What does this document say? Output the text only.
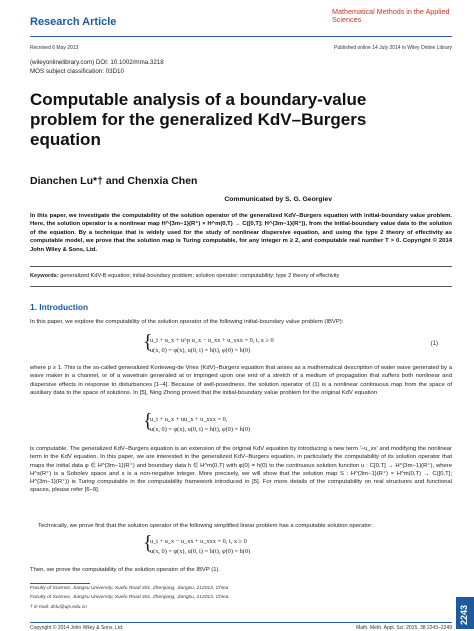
Research Article
Mathematical Methods in the Applied Sciences
Received 6 May 2013	Published online 14 July 2014 in Wiley Online Library
(wileyonlinelibrary.com) DOI: 10.1002/mma.3218
MOS subject classification: 03D10
Computable analysis of a boundary-value problem for the generalized KdV–Burgers equation
Dianchen Lu*† and Chenxia Chen
Communicated by S. G. Georgiev
In this paper, we investigate the computability of the solution operator of the generalized KdV–Burgers equation with initial-boundary value problem. Here, the solution operator is a nonlinear map H^{3m−1}(R⁺) × H^m(0,T) → C([0,T]; H^{3m−1}(R⁺)), from the initial-boundary value data to the solution of the equation. By a technique that is widely used for the study of nonlinear dispersive equation, and using the type 2 theory of effectivity as computable model, we prove that the solution map is Turing computable, for any integer m ≥ 2, and computable real number T > 0. Copyright © 2014 John Wiley & Sons, Ltd.
Keywords: generalized KdV-B equation; initial-boundary problem; solution operator; computability; type 2 theory of effectivity
1. Introduction
In this paper, we explore the computability of the solution operator of the following initial-boundary value problem (IBVP):
{
u_t + u_x + u^p u_x − u_xx + u_xxx = 0, t, x ≥ 0
u(x, 0) = φ(x), u(0, t) = h(t), φ(0) = h(0)
(1)
where p ≥ 1. This is the so-called generalized Korteweg-de Vries (KdV)–Burgers equation that arises as a mathematical description of water wave generated by a wave maker in a channel, or of a wavetrain generated at or impinged upon one end of a stretch of a medium of propagation that suffers both nonlinear and dispersive effects in response to disturbances [1–4]. Because of well-posedness, the solution operator of (1) is a nonlinear continuous map from the space of auxiliary data to the space of solutions. In [5], Ning Zhong proved that the initial-boundary value problem for the original KdV equation
{
u_t + u_x + uu_x + u_xxx = 0,
u(x, 0) = φ(x), u(0, t) = h(t), φ(0) = h(0)
is computable. The generalized KdV–Burgers equation is an extension of the original KdV equation by introducing a new term '−u_xx' and modifying the nonlinear term in the KdV equation. In this paper, we are interested in the generalized KdV–Burgers equation, in particularly the computability of its solution operator that maps the initial data φ ∈ H^{3m−1}(R⁺) and boundary data h ∈ H^m(0,T) with φ(0) = h(0) to the continuous solution function u : C[0,T] → H^{3m−1}(R⁺), where H^s(R⁺) is a Sobolev space and s is a non-negative integer. More precisely, we will show that the solution map S : H^{3m−1}(R⁺) × H^m(0,T) → C([0,T]; H^{3m−1}(R⁺)) is Turing computable in the computability framework introduced in [5]. For more details of the computability on real structures and functional spaces, please refer [6–9].
Technically, we prove first that the solution operator of the following simplified linear problem has a computable solution operator:
{
u_t + u_x − u_xx + u_xxx = 0, t, x ≥ 0
u(x, 0) = φ(x), u(0, t) = h(t), φ(0) = h(0)
Then, we prove the computability of the solution operator of the IBVP (1).
Faculty of Science, Jiangsu University, Xuefu Road 301, Zhenjiang, Jiangsu, 212013, China
Faculty of Science, Jiangsu University, Xuefu Road 301, Zhenjiang, Jiangsu, 212013, China.
† E-mail: dclu@ujs.edu.cn
Copyright © 2014 John Wiley & Sons, Ltd.	Math. Meth. Appl. Sci. 2015, 38 2243–2249
2243
